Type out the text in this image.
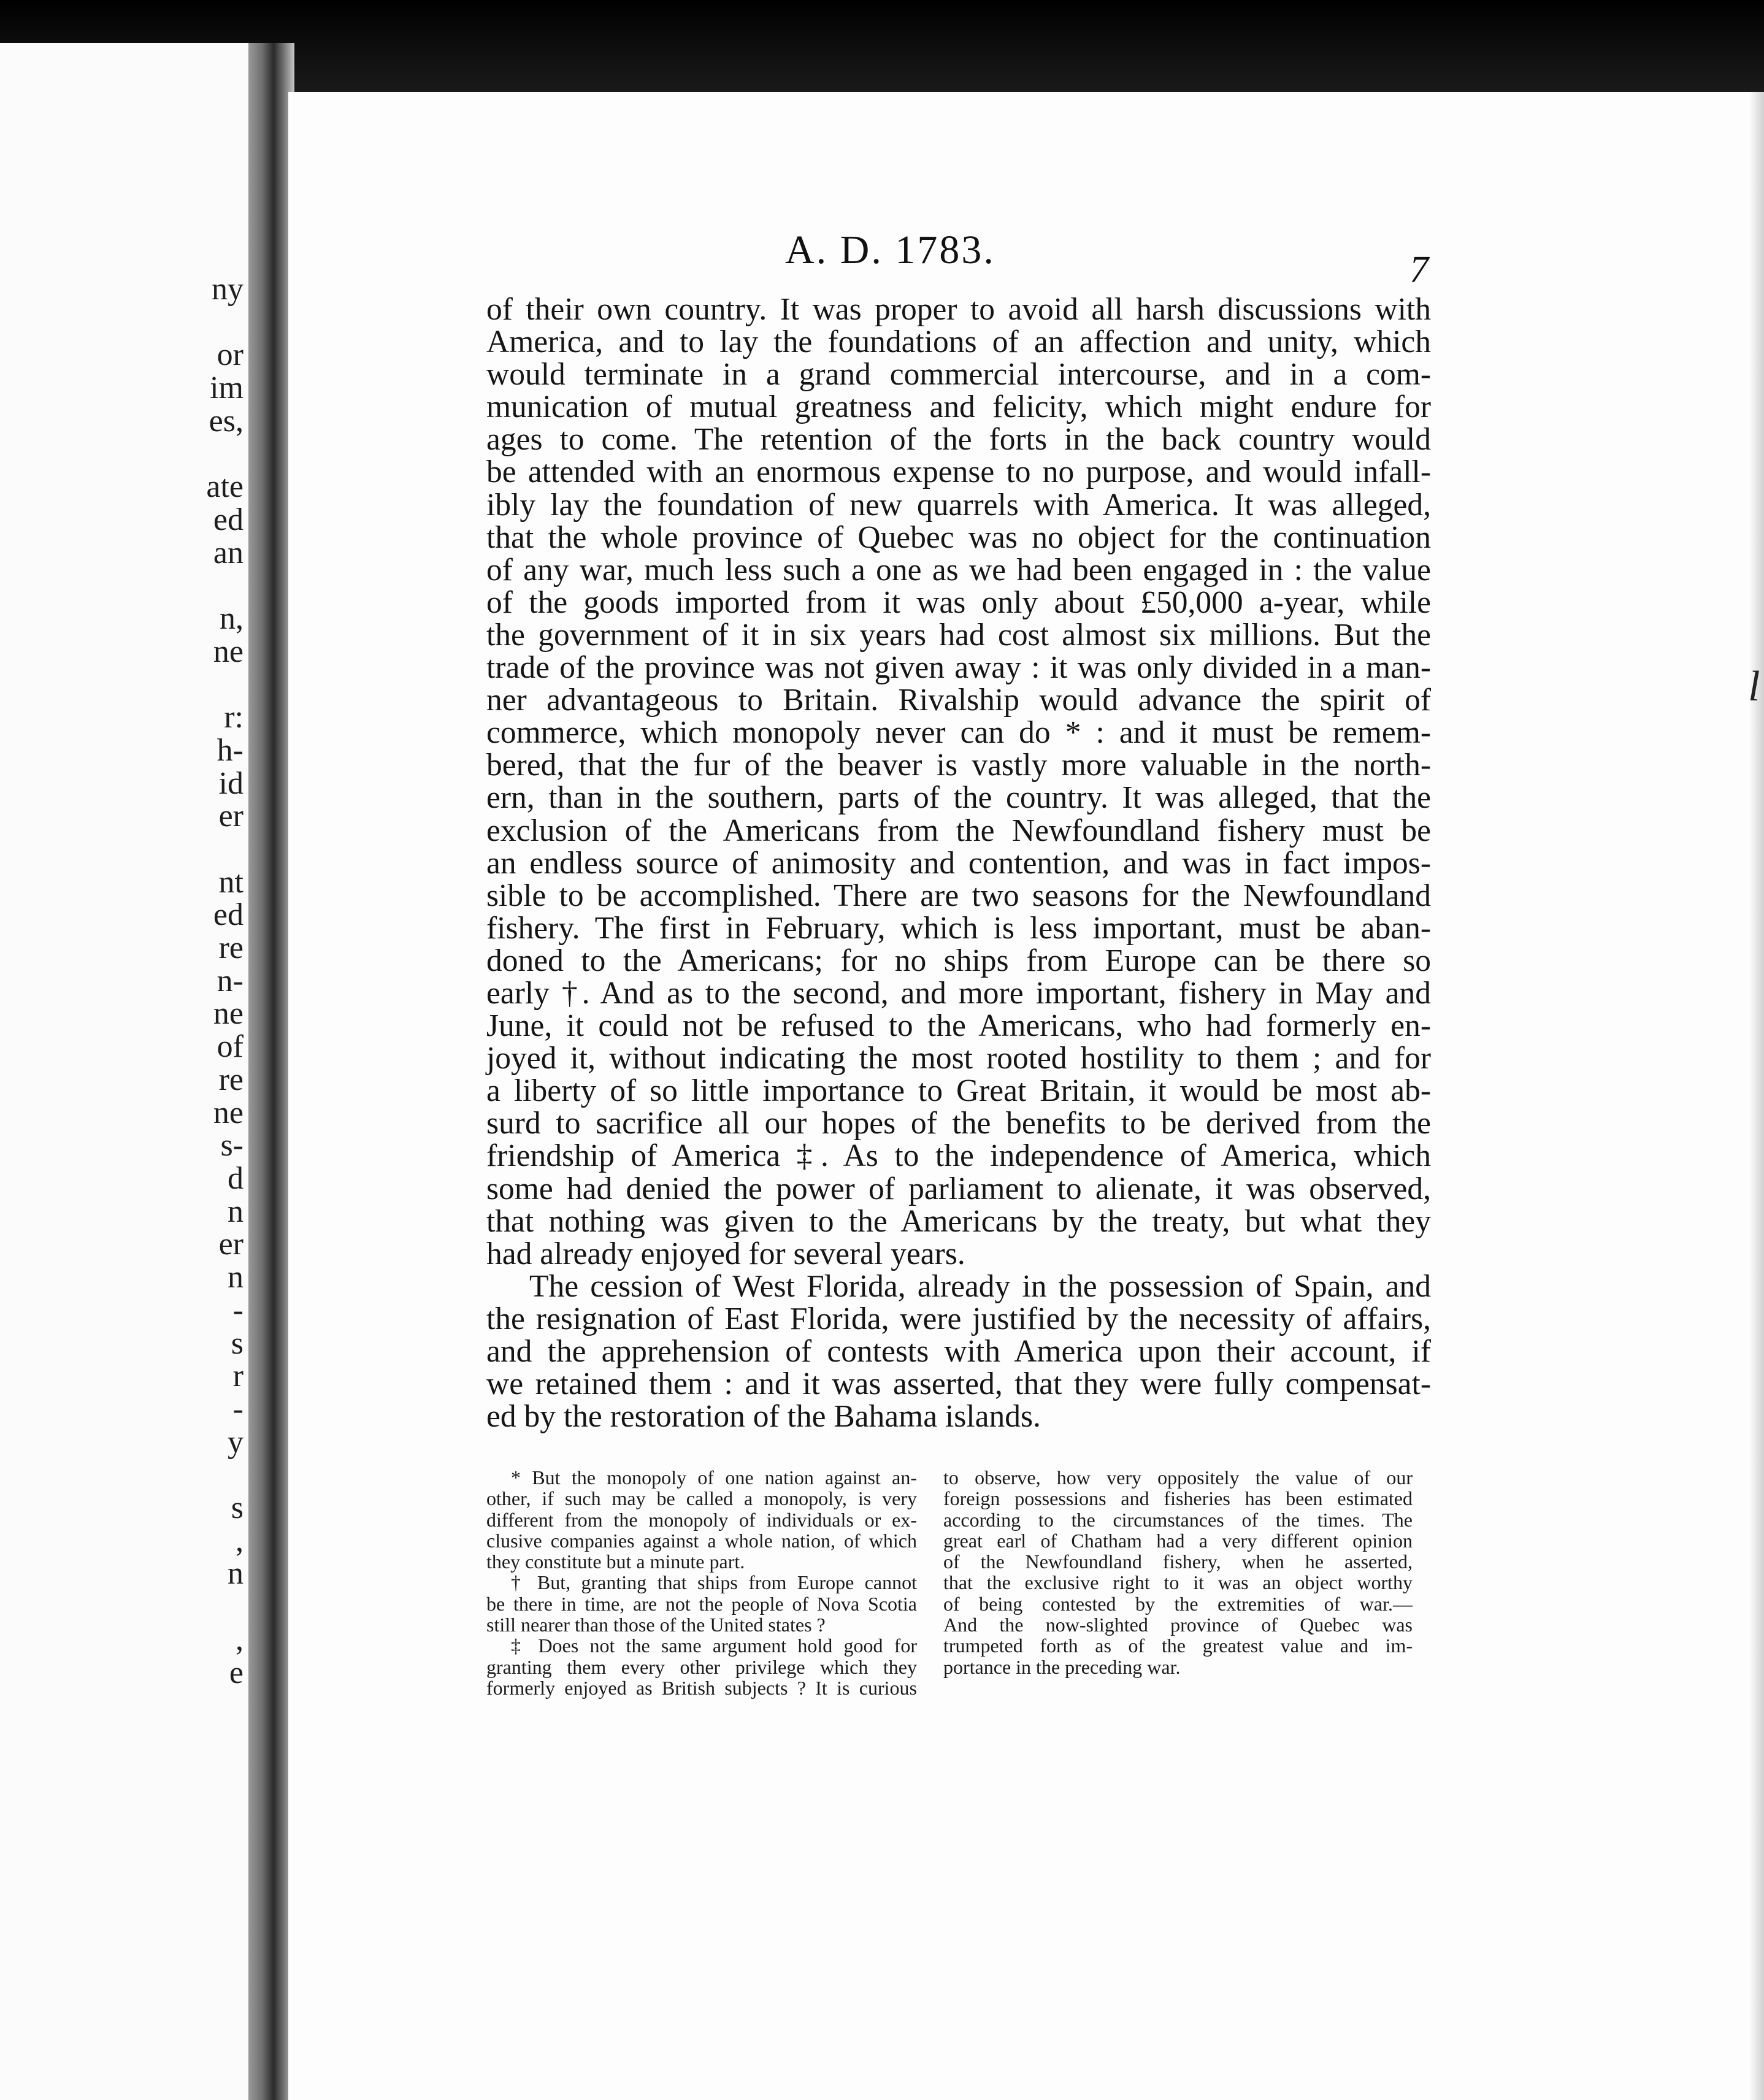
ny

or
im
es,

ate
ed
an

n,
ne

r:
h-
id
er

nt
ed
re
n-
ne
of
re
ne
s-
d
n
er
n
-
s
r
-
y

s
,
n

,
e
l
A. D. 1783.	7
of their own country. It was proper to avoid all harsh discussions with
America, and to lay the foundations of an affection and unity, which
would terminate in a grand commercial intercourse, and in a com-
munication of mutual greatness and felicity, which might endure for
ages to come. The retention of the forts in the back country would
be attended with an enormous expense to no purpose, and would infall-
ibly lay the foundation of new quarrels with America. It was alleged,
that the whole province of Quebec was no object for the continuation
of any war, much less such a one as we had been engaged in : the value
of the goods imported from it was only about £50,000 a-year, while
the government of it in six years had cost almost six millions. But the
trade of the province was not given away : it was only divided in a man-
ner advantageous to Britain. Rivalship would advance the spirit of
commerce, which monopoly never can do * : and it must be remem-
bered, that the fur of the beaver is vastly more valuable in the north-
ern, than in the southern, parts of the country. It was alleged, that the
exclusion of the Americans from the Newfoundland fishery must be
an endless source of animosity and contention, and was in fact impos-
sible to be accomplished. There are two seasons for the Newfoundland
fishery. The first in February, which is less important, must be aban-
doned to the Americans; for no ships from Europe can be there so
early †. And as to the second, and more important, fishery in May and
June, it could not be refused to the Americans, who had formerly en-
joyed it, without indicating the most rooted hostility to them ; and for
a liberty of so little importance to Great Britain, it would be most ab-
surd to sacrifice all our hopes of the benefits to be derived from the
friendship of America ‡. As to the independence of America, which
some had denied the power of parliament to alienate, it was observed,
that nothing was given to the Americans by the treaty, but what they
had already enjoyed for several years.
The cession of West Florida, already in the possession of Spain, and
the resignation of East Florida, were justified by the necessity of affairs,
and the apprehension of contests with America upon their account, if
we retained them : and it was asserted, that they were fully compensat-
ed by the restoration of the Bahama islands.
* But the monopoly of one nation against an-
other, if such may be called a monopoly, is very
different from the monopoly of individuals or ex-
clusive companies against a whole nation, of which
they constitute but a minute part.
† But, granting that ships from Europe cannot
be there in time, are not the people of Nova Scotia
still nearer than those of the United states ?
‡ Does not the same argument hold good for
granting them every other privilege which they
formerly enjoyed as British subjects ? It is curious
to observe, how very oppositely the value of our
foreign possessions and fisheries has been estimated
according to the circumstances of the times. The
great earl of Chatham had a very different opinion
of the Newfoundland fishery, when he asserted,
that the exclusive right to it was an object worthy
of being contested by the extremities of war.—
And the now-slighted province of Quebec was
trumpeted forth as of the greatest value and im-
portance in the preceding war.
